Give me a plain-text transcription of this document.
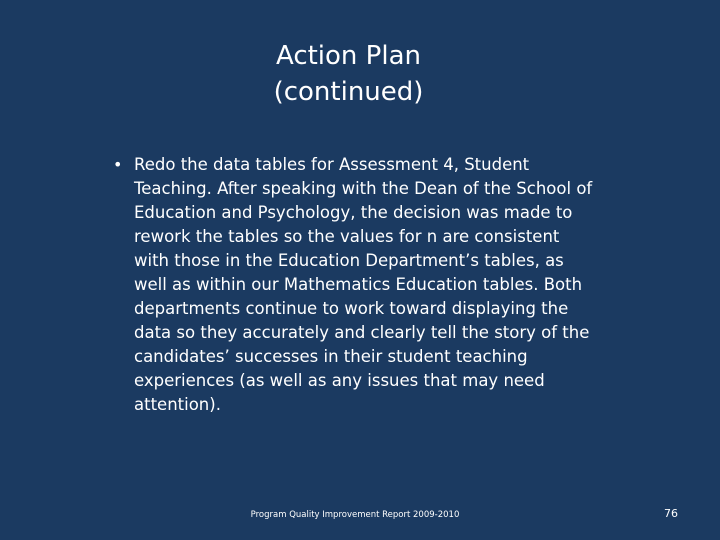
Action Plan
(continued)
• Redo the data tables for Assessment 4, Student Teaching. After speaking with the Dean of the School of Education and Psychology, the decision was made to rework the tables so the values for n are consistent with those in the Education Department’s tables, as well as within our Mathematics Education tables. Both departments continue to work toward displaying the data so they accurately and clearly tell the story of the candidates’ successes in their student teaching experiences (as well as any issues that may need attention).
Program Quality Improvement Report 2009-2010	76
